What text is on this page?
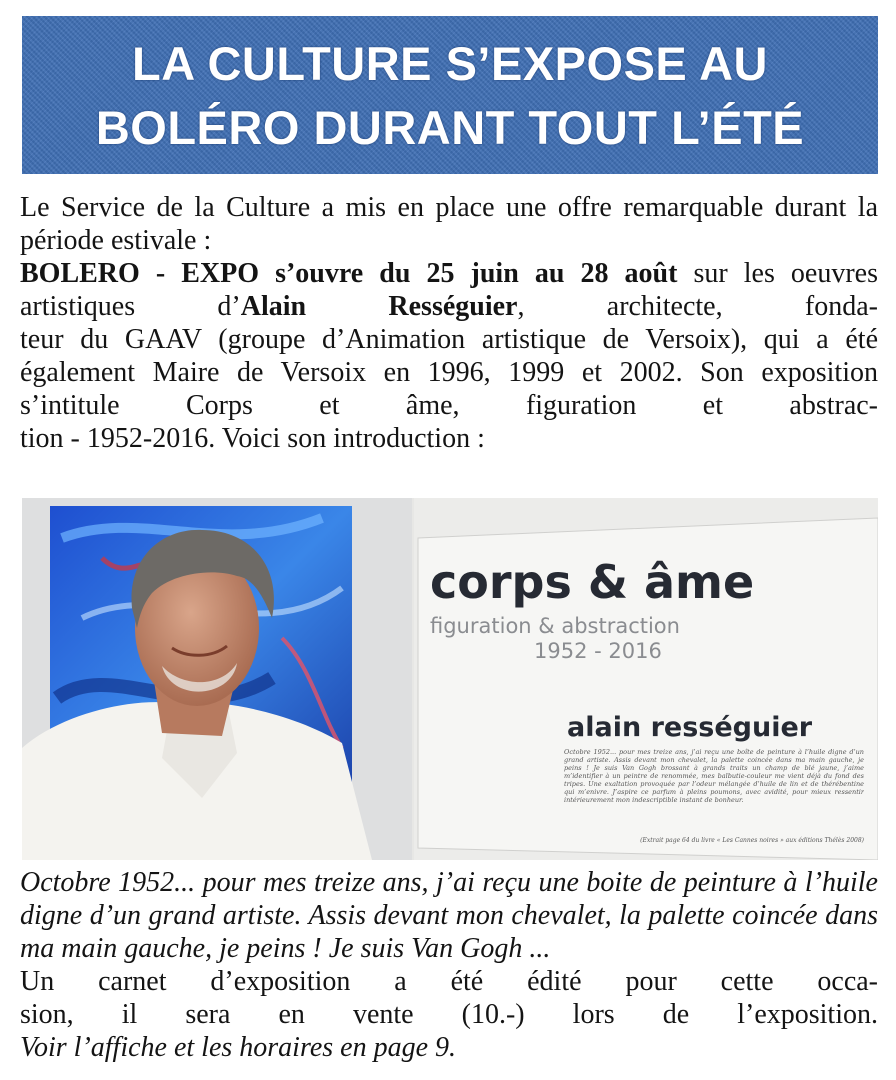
LA CULTURE S’EXPOSE AU
BOLÉRO DURANT TOUT L’ÉTÉ

Le Service de la Culture a mis en place une offre remarquable durant la période estivale :

BOLERO - EXPO s’ouvre du 25 juin au 28 août sur les oeuvres artistiques d’Alain Rességuier, architecte, fonda-

teur du GAAV (groupe d’Animation artistique de Versoix), qui a été également Maire de Versoix en 1996, 1999 et 2002. Son exposition s’intitule Corps et âme, figuration et abstrac-

tion - 1952-2016. Voici son introduction :

corps & âme
figuration & abstraction
1952 - 2016
alain rességuier
Octobre 1952... pour mes treize ans, j’ai reçu une boîte de peinture à l’huile digne d’un grand artiste. Assis devant mon chevalet, la palette coincée dans ma main gauche, je peins ! Je suis Van Gogh brossant à grands traits un champ de blé jaune, j’aime m’identifier à un peintre de renommée, mes balbutie-couleur me vient déjà du fond des tripes. Une exaltation provoquée par l’odeur mélangée d’huile de lin et de thérébentine qui m’enivre. J’aspire ce parfum à pleins poumons, avec avidité, pour mieux ressentir intérieurement mon indescriptible instant de bonheur.
(Extrait page 64 du livre « Les Cannes noires » aux éditions Thélès 2008)

Octobre 1952... pour mes treize ans, j’ai reçu une boite de peinture à l’huile digne d’un grand artiste. Assis devant mon chevalet, la palette coincée dans ma main gauche, je peins ! Je suis Van Gogh ...

Un carnet d’exposition a été édité pour cette occa-

sion, il sera en vente (10.-) lors de l’exposition.

Voir l’affiche et les horaires en page 9.
